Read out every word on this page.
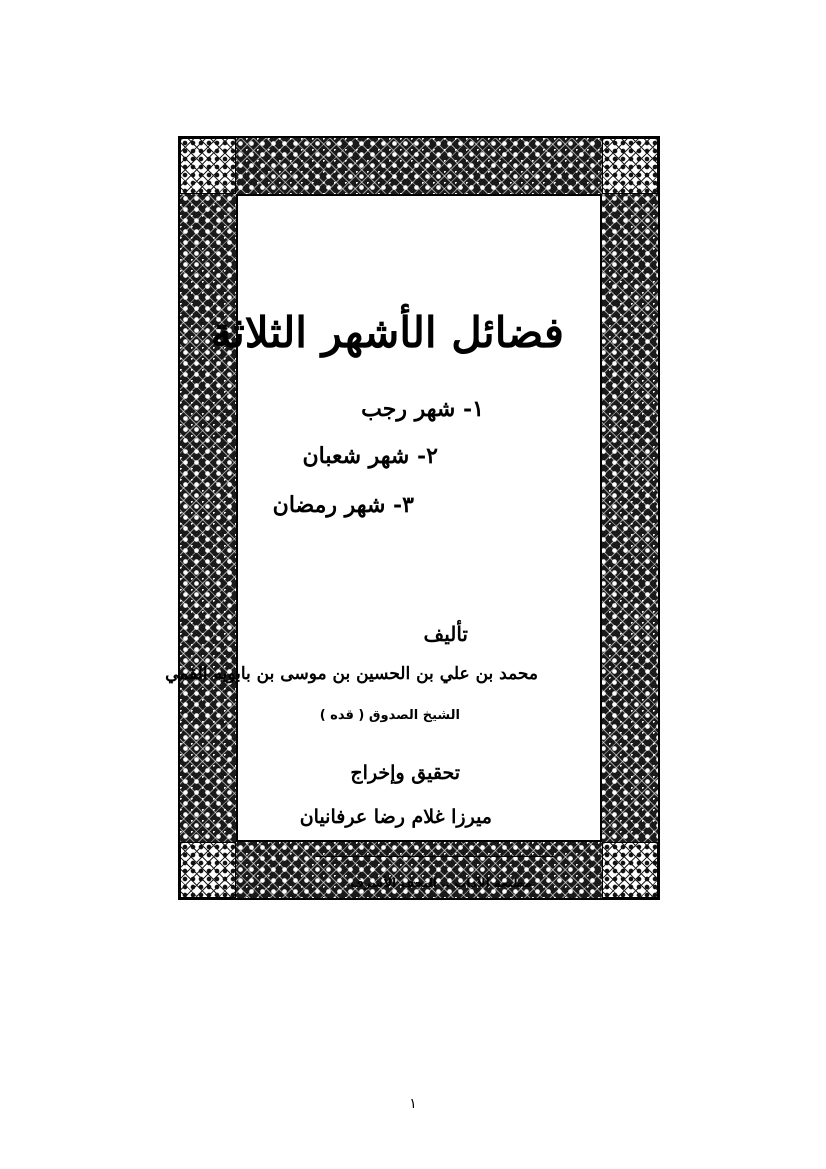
فضائل الأشهر الثلاثة
١- شهر رجب
٢- شهر شعبان
٣- شهر رمضان
تأليف
محمد بن علي بن الحسين بن موسى بن بابويه القمي
الشيخ الصدوق ( قده )
تحقيق وإخراج
ميرزا غلام رضا عرفانيان
مطبعة الآداب .. النجف الأشرف
١
